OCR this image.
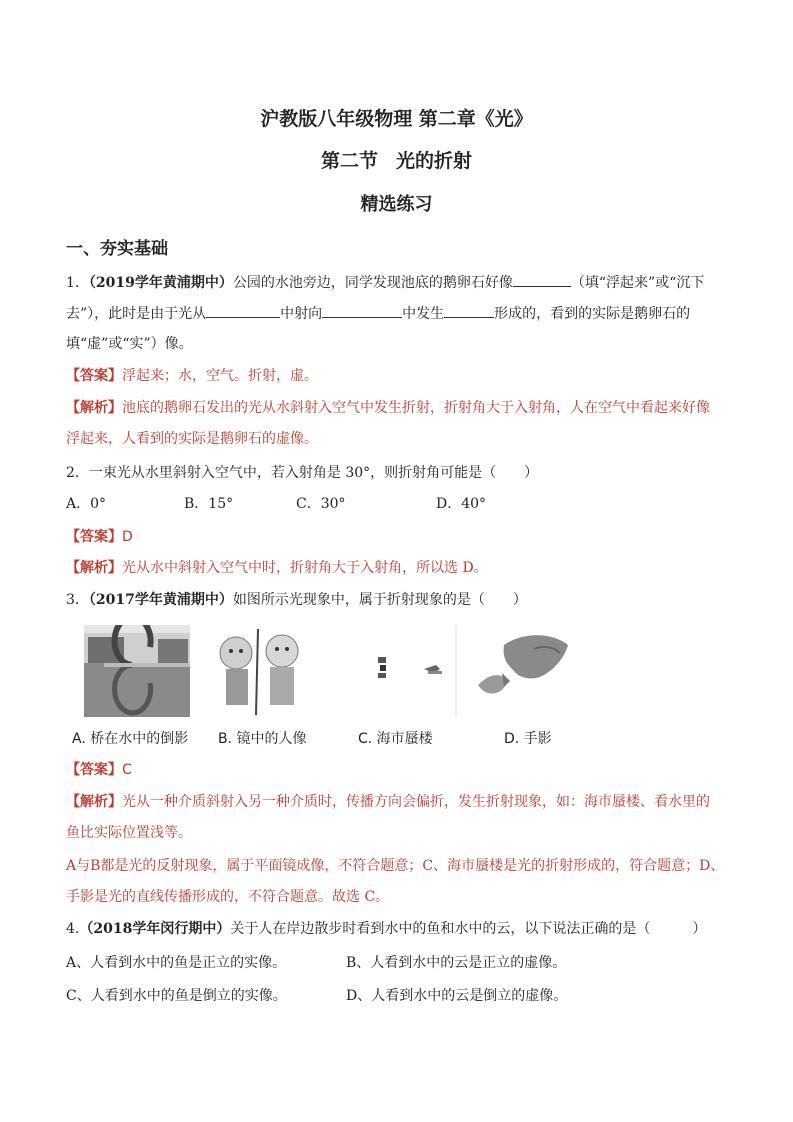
沪教版八年级物理 第二章《光》
第二节 光的折射
精选练习
一、夯实基础
1．（2019学年黄浦期中）公园的水池旁边，同学发现池底的鹅卵石好像	（填“浮起来”或“沉下
去”），此时是由于光从	中射向	中发生	形成的，看到的实际是鹅卵石的
填“虚”或“实”）像。
【答案】浮起来；水，空气。折射，虚。
【解析】池底的鹅卵石发出的光从水斜射入空气中发生折射，折射角大于入射角，人在空气中看起来好像
浮起来，人看到的实际是鹅卵石的虚像。
2．一束光从水里斜射入空气中，若入射角是 30°，则折射角可能是（　　）
A．0°	B．15°	C．30°	D．40°
【答案】D
【解析】光从水中斜射入空气中时，折射角大于入射角，所以选 D。
3．（2017学年黄浦期中）如图所示光现象中，属于折射现象的是（　　）
A. 桥在水中的倒影 B. 镜中的人像	C. 海市蜃楼	D. 手影
【答案】C
【解析】光从一种介质斜射入另一种介质时，传播方向会偏折，发生折射现象，如：海市蜃楼、看水里的
鱼比实际位置浅等。
A与B都是光的反射现象，属于平面镜成像，不符合题意；C、海市蜃楼是光的折射形成的，符合题意；D、
手影是光的直线传播形成的，不符合题意。故选 C。
4.（2018学年闵行期中）关于人在岸边散步时看到水中的鱼和水中的云，以下说法正确的是（　　　）
A、人看到水中的鱼是正立的实像。	B、人看到水中的云是正立的虚像。
C、人看到水中的鱼是倒立的实像。	D、人看到水中的云是倒立的虚像。
